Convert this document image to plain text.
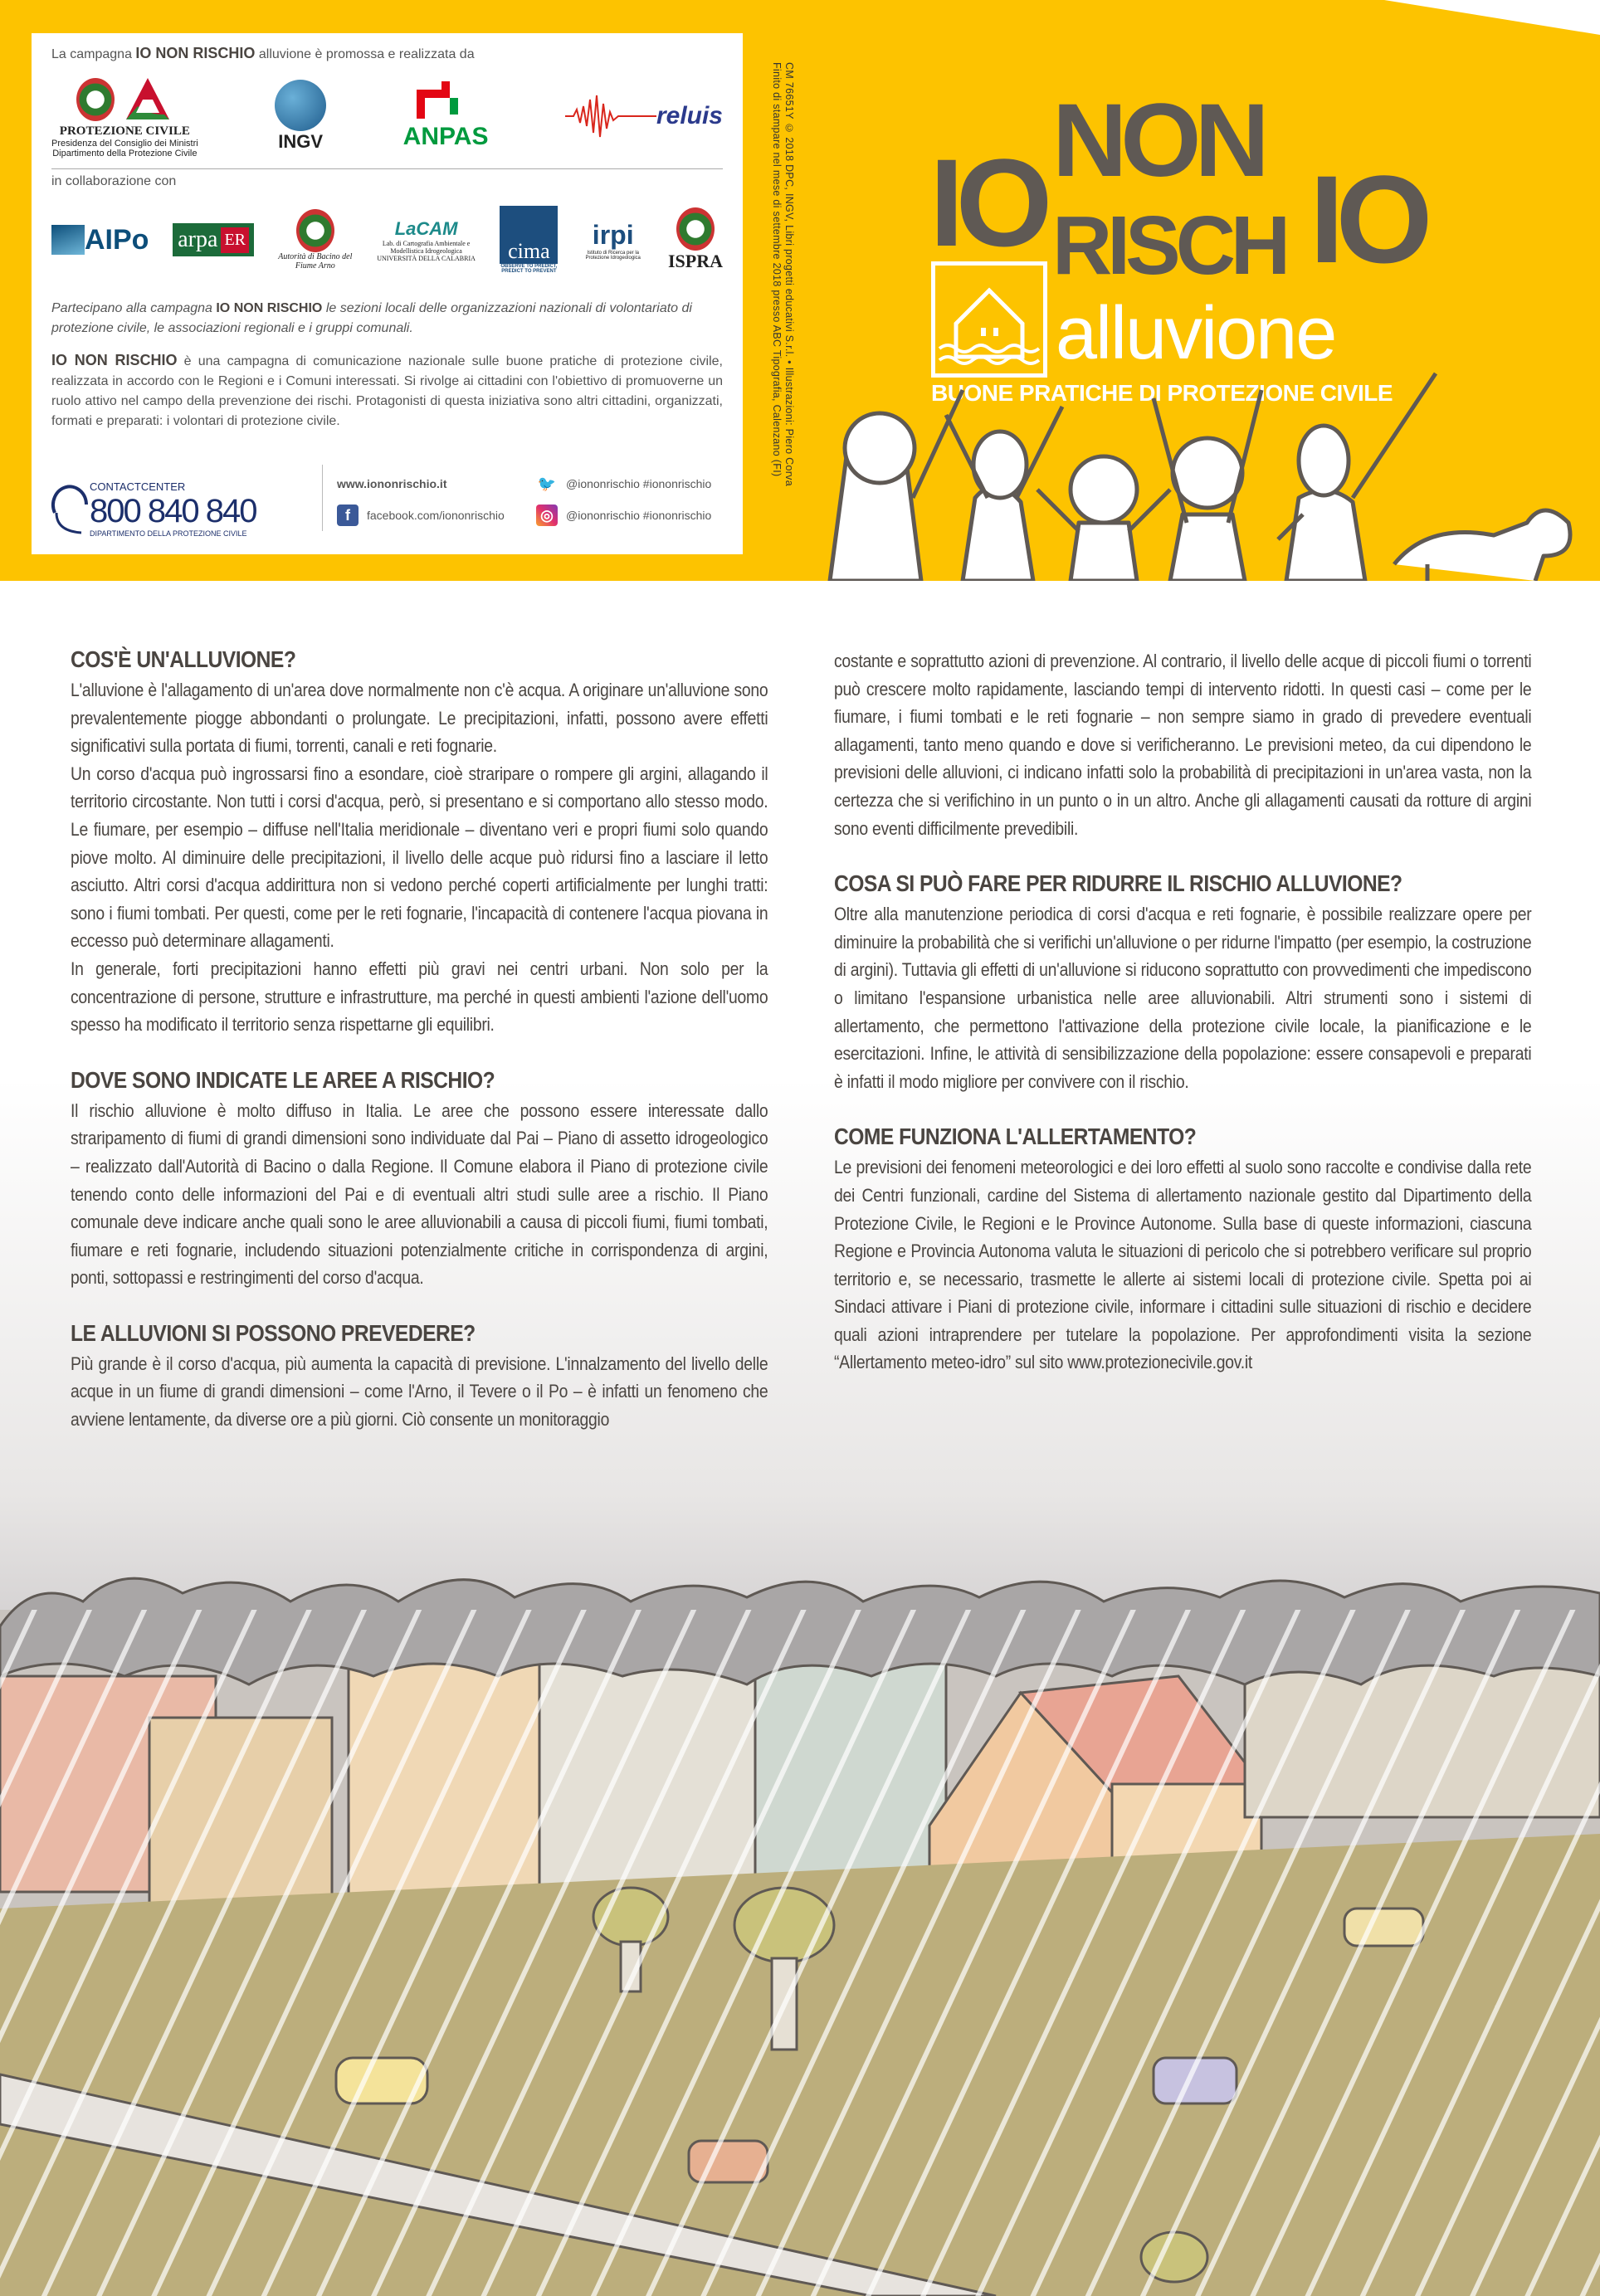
La campagna IO NON RISCHIO alluvione è promossa e realizzata da
PROTEZIONE CIVILE
Presidenza del Consiglio dei Ministri
Dipartimento della Protezione Civile
INGV	ANPAS
reluis
in collaborazione con
AIPo arpa ER
Autorità di Bacino del Fiume Arno
LaCAM
Lab. di Cartografia Ambientale e Modellistica Idrogeologica UNIVERSITÀ DELLA CALABRIA	cima
OBSERVE TO PREDICT, PREDICT TO PREVENT
irpi
Istituto di Ricerca per la Protezione Idrogeologica ISPRA
Partecipano alla campagna IO NON RISCHIO le sezioni locali delle organizzazioni nazionali di volontariato di protezione civile, le associazioni regionali e i gruppi comunali.
IO NON RISCHIO è una campagna di comunicazione nazionale sulle buone pratiche di protezione civile, realizzata in accordo con le Regioni e i Comuni interessati. Si rivolge ai cittadini con l'obiettivo di promuoverne un ruolo attivo nel campo della prevenzione dei rischi. Protagonisti di questa iniziativa sono altri cittadini, organizzati, formati e preparati: i volontari di protezione civile.
CONTACTCENTER
800 840 840
DIPARTIMENTO DELLA PROTEZIONE CIVILE
www.iononrischio.it	🐦 @iononrischio #iononrischio
f	facebook.com/iononrischio	◎	@iononrischio #iononrischio
CM 76651Y © 2018 DPC, INGV, Libri progetti educativi S.r.l. • Illustrazioni: Piero Corva
Finito di stampare nel mese di settembre 2018 presso ABC Tipografia, Calenzano (FI) IO NON
RISCH IO
alluvione
BUONE PRATICHE DI PROTEZIONE CIVILE
COS'È UN'ALLUVIONE?

L'alluvione è l'allagamento di un'area dove normalmente non c'è acqua. A originare un'alluvione sono prevalentemente piogge abbondanti o prolungate. Le precipitazioni, infatti, possono avere effetti significativi sulla portata di fiumi, torrenti, canali e reti fognarie.

Un corso d'acqua può ingrossarsi fino a esondare, cioè straripare o rompere gli argini, allagando il territorio circostante. Non tutti i corsi d'acqua, però, si presentano e si comportano allo stesso modo. Le fiumare, per esempio – diffuse nell'Italia meridionale – diventano veri e propri fiumi solo quando piove molto. Al diminuire delle precipitazioni, il livello delle acque può ridursi fino a lasciare il letto asciutto. Altri corsi d'acqua addirittura non si vedono perché coperti artificialmente per lunghi tratti: sono i fiumi tombati. Per questi, come per le reti fognarie, l'incapacità di contenere l'acqua piovana in eccesso può determinare allagamenti.

In generale, forti precipitazioni hanno effetti più gravi nei centri urbani. Non solo per la concentrazione di persone, strutture e infrastrutture, ma perché in questi ambienti l'azione dell'uomo spesso ha modificato il territorio senza rispettarne gli equilibri.

DOVE SONO INDICATE LE AREE A RISCHIO?

Il rischio alluvione è molto diffuso in Italia. Le aree che possono essere interessate dallo straripamento di fiumi di grandi dimensioni sono individuate dal Pai – Piano di assetto idrogeologico – realizzato dall'Autorità di Bacino o dalla Regione. Il Comune elabora il Piano di protezione civile tenendo conto delle informazioni del Pai e di eventuali altri studi sulle aree a rischio. Il Piano comunale deve indicare anche quali sono le aree alluvionabili a causa di piccoli fiumi, fiumi tombati, fiumare e reti fognarie, includendo situazioni potenzialmente critiche in corrispondenza di argini, ponti, sottopassi e restringimenti del corso d'acqua.

LE ALLUVIONI SI POSSONO PREVEDERE?

Più grande è il corso d'acqua, più aumenta la capacità di previsione. L'innalzamento del livello delle acque in un fiume di grandi dimensioni – come l'Arno, il Tevere o il Po – è infatti un fenomeno che avviene lentamente, da diverse ore a più giorni. Ciò consente un monitoraggio

costante e soprattutto azioni di prevenzione. Al contrario, il livello delle acque di piccoli fiumi o torrenti può crescere molto rapidamente, lasciando tempi di intervento ridotti. In questi casi – come per le fiumare, i fiumi tombati e le reti fognarie – non sempre siamo in grado di prevedere eventuali allagamenti, tanto meno quando e dove si verificheranno. Le previsioni meteo, da cui dipendono le previsioni delle alluvioni, ci indicano infatti solo la probabilità di precipitazioni in un'area vasta, non la certezza che si verifichino in un punto o in un altro. Anche gli allagamenti causati da rotture di argini sono eventi difficilmente prevedibili.

COSA SI PUÒ FARE PER RIDURRE IL RISCHIO ALLUVIONE?

Oltre alla manutenzione periodica di corsi d'acqua e reti fognarie, è possibile realizzare opere per diminuire la probabilità che si verifichi un'alluvione o per ridurne l'impatto (per esempio, la costruzione di argini). Tuttavia gli effetti di un'alluvione si riducono soprattutto con provvedimenti che impediscono o limitano l'espansione urbanistica nelle aree alluvionabili. Altri strumenti sono i sistemi di allertamento, che permettono l'attivazione della protezione civile locale, la pianificazione e le esercitazioni. Infine, le attività di sensibilizzazione della popolazione: essere consapevoli e preparati è infatti il modo migliore per convivere con il rischio.

COME FUNZIONA L'ALLERTAMENTO?

Le previsioni dei fenomeni meteorologici e dei loro effetti al suolo sono raccolte e condivise dalla rete dei Centri funzionali, cardine del Sistema di allertamento nazionale gestito dal Dipartimento della Protezione Civile, le Regioni e le Province Autonome. Sulla base di queste informazioni, ciascuna Regione e Provincia Autonoma valuta le situazioni di pericolo che si potrebbero verificare sul proprio territorio e, se necessario, trasmette le allerte ai sistemi locali di protezione civile. Spetta poi ai Sindaci attivare i Piani di protezione civile, informare i cittadini sulle situazioni di rischio e decidere quali azioni intraprendere per tutelare la popolazione. Per approfondimenti visita la sezione “Allertamento meteo-idro” sul sito www.protezionecivile.gov.it
